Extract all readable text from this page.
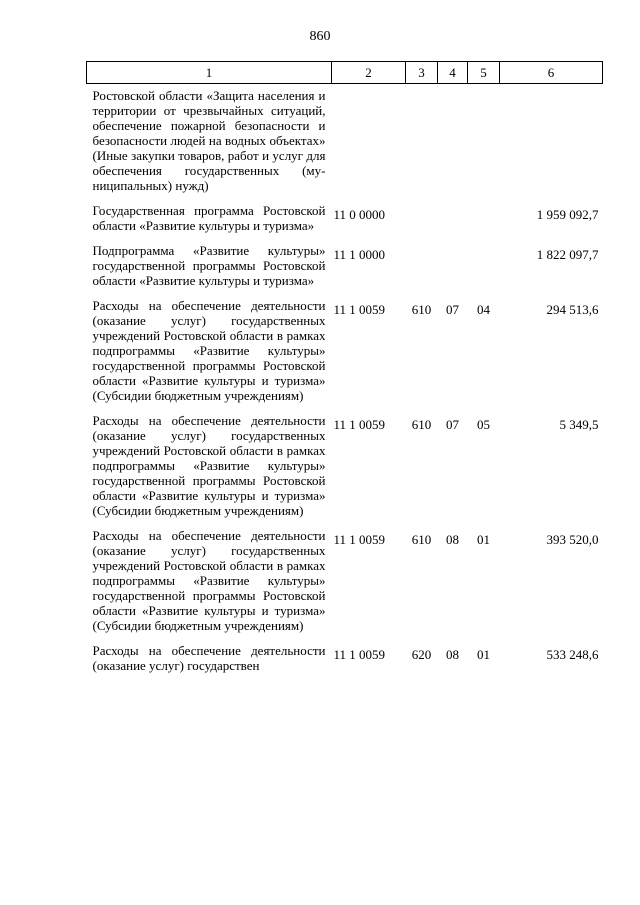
860
1	2	3	4	5	6
Ростовской области «Защита населения и территории от чрезвычайных ситуаций, обеспечение пожарной безопасности и безопасности людей на водных объектах» (Иные закупки товаров, работ и услуг для обеспечения государственных (муниципальных) нужд)					
Государственная программа Ростовской области «Развитие культуры и туризма»	11 0 0000				1 959 092,7
Подпрограмма «Развитие культуры» государственной программы Ростовской области «Развитие культуры и туризма»	11 1 0000				1 822 097,7
Расходы на обеспечение деятельности (оказание услуг) государственных учреждений Ростовской области в рамках подпрограммы «Развитие культуры» государственной программы Ростовской области «Развитие культуры и туризма» (Субсидии бюджетным учреждениям)	11 1 0059	610	07	04	294 513,6
Расходы на обеспечение деятельности (оказание услуг) государственных учреждений Ростовской области в рамках подпрограммы «Развитие культуры» государственной программы Ростовской области «Развитие культуры и туризма» (Субсидии бюджетным учреждениям)	11 1 0059	610	07	05	5 349,5
Расходы на обеспечение деятельности (оказание услуг) государственных учреждений Ростовской области в рамках подпрограммы «Развитие культуры» государственной программы Ростовской области «Развитие культуры и туризма» (Субсидии бюджетным учреждениям)	11 1 0059	610	08	01	393 520,0
Расходы на обеспечение деятельности (оказание услуг) государствен	11 1 0059	620	08	01	533 248,6
